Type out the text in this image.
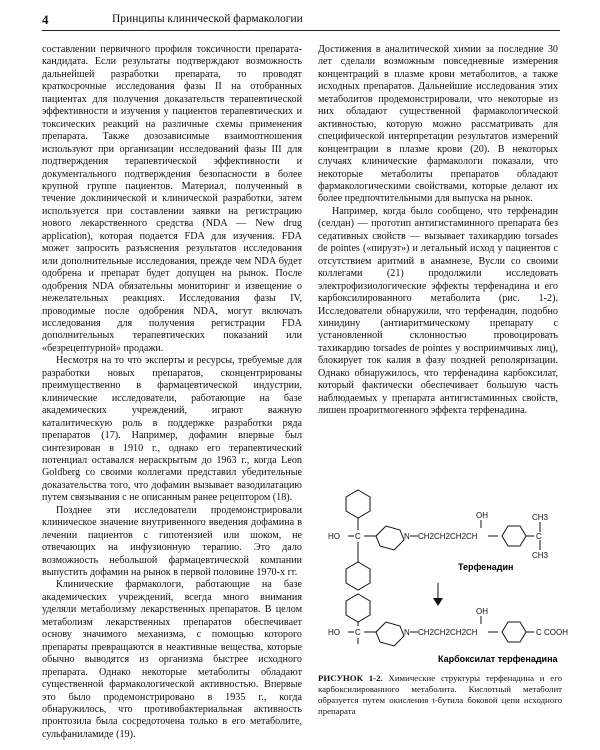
4	Принципы клинической фармакологии

составлении первичного профиля токсичности препарата-кандидата. Если результаты подтверждают возможность дальнейшей разработки препарата, то проводят краткосрочные исследования фазы II на отобранных пациентах для получения доказательств терапевтической эффективности и изучения у пациентов терапевтических и токсических реакций на различные схемы применения препарата. Также дозозависимые взаимоотношения используют при организации исследований фазы III для подтверждения терапевтической эффективности и документального подтверждения безопасности в более крупной группе пациентов. Материал, полученный в течение доклинической и клинической разработки, затем используется при составлении заявки на регистрацию нового лекарственного средства (NDA — New drug application), которая подается FDA для изучения. FDA может запросить разъяснения результатов исследования или дополнительные исследования, прежде чем NDA будет одобрена и препарат будет допущен на рынок. После одобрения NDA обязательны мониторинг и извещение о нежелательных реакциях. Исследования фазы IV, проводимые после одобрения NDA, могут включать исследования для получения регистрации FDA дополнительных терапевтических показаний или «безрецептурной» продажи.

Несмотря на то что эксперты и ресурсы, требуемые для разработки новых препаратов, сконцентрированы преимущественно в фармацевтической индустрии, клинические исследователи, работающие на базе академических учреждений, играют важную каталитическую роль в поддержке разработки ряда препаратов (17). Например, дофамин впервые был синтезирован в 1910 г., однако его терапевтический потенциал оставался нераскрытым до 1963 г., когда Leon Goldberg со своими коллегами представил убедительные доказательства того, что дофамин вызывает вазодилатацию путем связывания с не описанным ранее рецептором (18).

Позднее эти исследователи продемонстрировали клиническое значение внутривенного введения дофамина в лечении пациентов с гипотензией или шоком, не отвечающих на инфузионную терапию. Это дало возможность небольшой фармацевтической компании выпустить дофамин на рынок в первой половине 1970-х гг.

Клинические фармакологи, работающие на базе академических учреждений, всегда много внимания уделяли метаболизму лекарственных препаратов. В целом метаболизм лекарственных препаратов обеспечивает основу значимого механизма, с помощью которого препараты превращаются в неактивные вещества, которые обычно выводятся из организма быстрее исходного препарата. Однако некоторые метаболиты обладают существенной фармакологической активностью. Впервые это было продемонстрировано в 1935 г., когда обнаружилось, что противобактериальная активность пронтозила была сосредоточена только в его метаболите, сульфаниламиде (19).

Достижения в аналитической химии за последние 30 лет сделали возможным повседневные измерения концентраций в плазме крови метаболитов, а также исходных препаратов. Дальнейшие исследования этих метаболитов продемонстрировали, что некоторые из них обладают существенной фармакологической активностью, которую можно рассматривать для специфической интерпретации результатов измерений концентрации в плазме крови (20). В некоторых случаях клинические фармакологи показали, что некоторые метаболиты препаратов обладают фармакологическими свойствами, которые делают их более предпочтительными для выпуска на рынок.

Например, когда было сообщено, что терфенадин (селдан) — прототип антигистаминного препарата без седативных свойств — вызывает тахикардию torsades de pointes («пируэт») и летальный исход у пациентов с отсутствием аритмий в анамнезе, Вусли со своими коллегами (21) продолжили исследовать электрофизиологические эффекты терфенадина и его карбоксилированного метаболита (рис. 1-2). Исследователи обнаружили, что терфенадин, подобно хинидину (антиаритмическому препарату с установленной склонностью провоцировать тахикардию torsades de pointes у восприимчивых лиц), блокирует ток калия в фазу поздней реполяризации. Однако обнаружилось, что терфенадина карбоксилат, который фактически обеспечивает большую часть наблюдаемых у препарата антигистаминных свойств, лишен проаритмогенного эффекта терфенадина.

HO C	N CH2CH2CH2CH
OH
C
CH3
CH3
Терфенадин
HO C	N CH2CH2CH2CH
OH
C COOH
Карбоксилат терфенадина
РИСУНОК 1-2. Химические структуры терфенадина и его карбоксилированного метаболита. Кислотный метаболит образуется путем окисления t-бутила боковой цепи исходного препарата
